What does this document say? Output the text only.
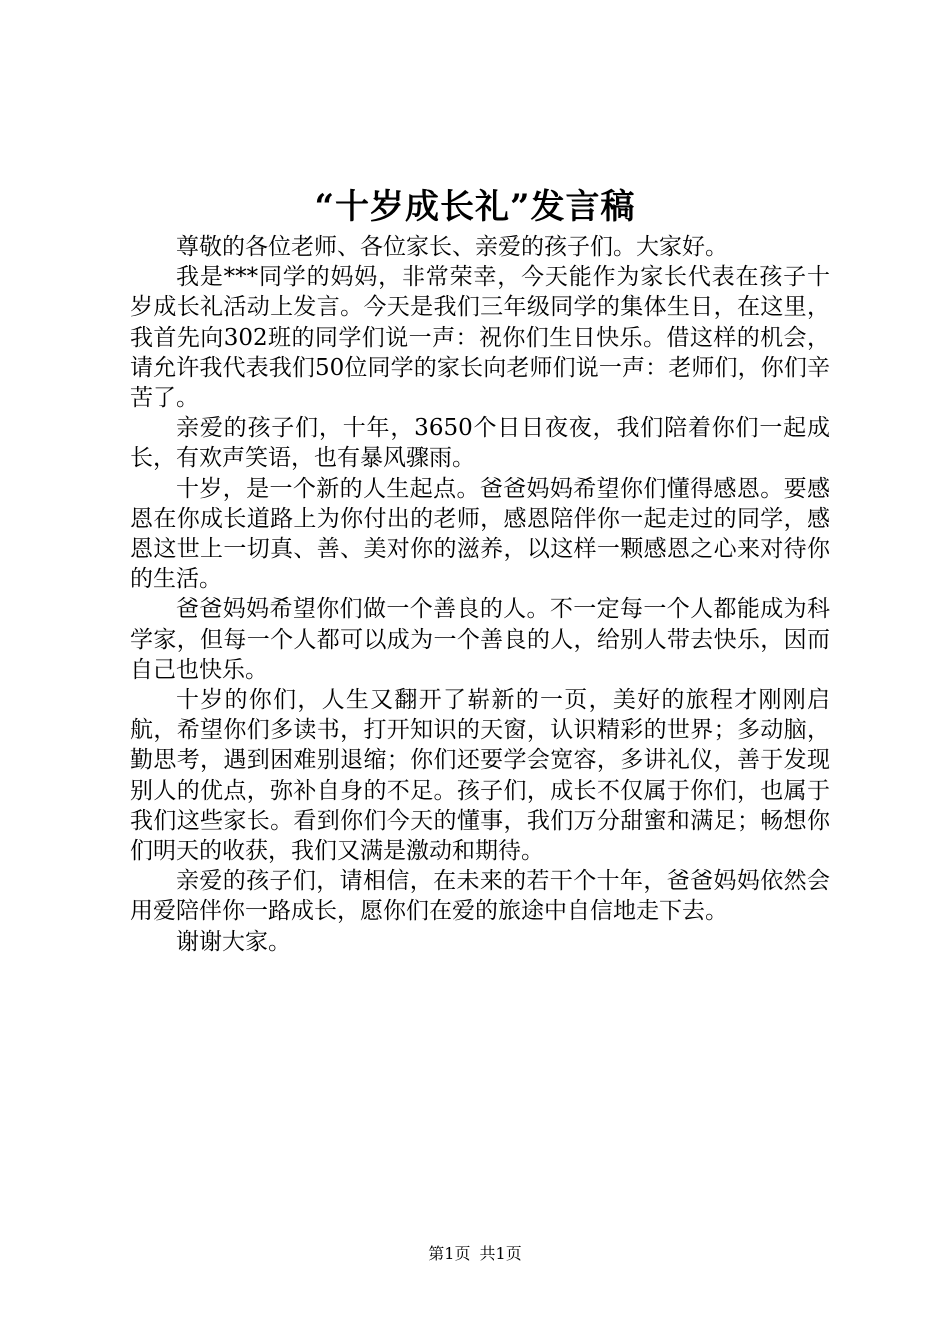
“十岁成长礼”发言稿

尊敬的各位老师、各位家长、亲爱的孩子们。大家好。

我是***同学的妈妈，非常荣幸，今天能作为家长代表在孩子十岁成长礼活动上发言。今天是我们三年级同学的集体生日，在这里，我首先向302班的同学们说一声：祝你们生日快乐。借这样的机会，请允许我代表我们50位同学的家长向老师们说一声：老师们，你们辛苦了。

亲爱的孩子们，十年，3650个日日夜夜，我们陪着你们一起成长，有欢声笑语，也有暴风骤雨。

十岁，是一个新的人生起点。爸爸妈妈希望你们懂得感恩。要感恩在你成长道路上为你付出的老师，感恩陪伴你一起走过的同学，感恩这世上一切真、善、美对你的滋养，以这样一颗感恩之心来对待你的生活。

爸爸妈妈希望你们做一个善良的人。不一定每一个人都能成为科学家，但每一个人都可以成为一个善良的人，给别人带去快乐，因而自己也快乐。

十岁的你们，人生又翻开了崭新的一页，美好的旅程才刚刚启航，希望你们多读书，打开知识的天窗，认识精彩的世界；多动脑，勤思考，遇到困难别退缩；你们还要学会宽容，多讲礼仪，善于发现别人的优点，弥补自身的不足。孩子们，成长不仅属于你们，也属于我们这些家长。看到你们今天的懂事，我们万分甜蜜和满足；畅想你们明天的收获，我们又满是激动和期待。

亲爱的孩子们，请相信，在未来的若干个十年，爸爸妈妈依然会用爱陪伴你一路成长，愿你们在爱的旅途中自信地走下去。

谢谢大家。

第1页 共1页
